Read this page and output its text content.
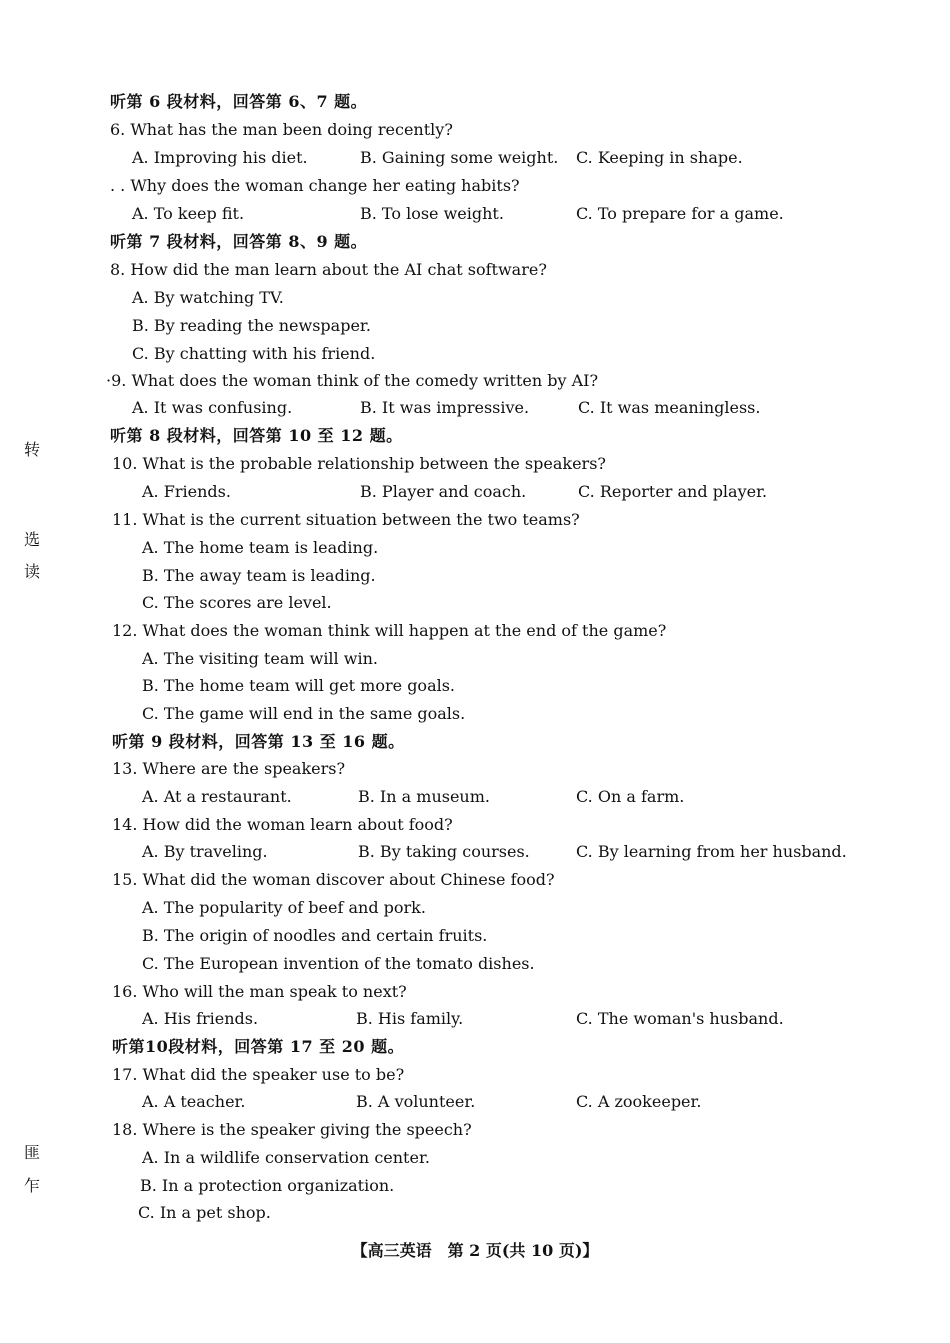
听第 6 段材料，回答第 6、7 题。
6. What has the man been doing recently?
A. Improving his diet.	B. Gaining some weight. C. Keeping in shape.
. . Why does the woman change her eating habits?
A. To keep fit.	B. To lose weight.	C. To prepare for a game.
听第 7 段材料，回答第 8、9 题。
8. How did the man learn about the AI chat software?
A. By watching TV.
B. By reading the newspaper.
C. By chatting with his friend.
·9. What does the woman think of the comedy written by AI?
A. It was confusing.	B. It was impressive.	C. It was meaningless.
听第 8 段材料，回答第 10 至 12 题。
10. What is the probable relationship between the speakers?
A. Friends.	B. Player and coach.	C. Reporter and player.
11. What is the current situation between the two teams?
A. The home team is leading.
B. The away team is leading.
C. The scores are level.
12. What does the woman think will happen at the end of the game?
A. The visiting team will win.
B. The home team will get more goals.
C. The game will end in the same goals.
听第 9 段材料，回答第 13 至 16 题。
13. Where are the speakers?
A. At a restaurant.	B. In a museum.	C. On a farm.
14. How did the woman learn about food?
A. By traveling.	B. By taking courses.	C. By learning from her husband.
15. What did the woman discover about Chinese food?
A. The popularity of beef and pork.
B. The origin of noodles and certain fruits.
C. The European invention of the tomato dishes.
16. Who will the man speak to next?
A. His friends.	B. His family.	C. The woman's husband.
听第10段材料，回答第 17 至 20 题。
17. What did the speaker use to be?
A. A teacher.	B. A volunteer.	C. A zookeeper.
18. Where is the speaker giving the speech?
A. In a wildlife conservation center.
B. In a protection organization.
C. In a pet shop.
转
选
读
匪
乍
【高三英语　第 2 页(共 10 页)】
